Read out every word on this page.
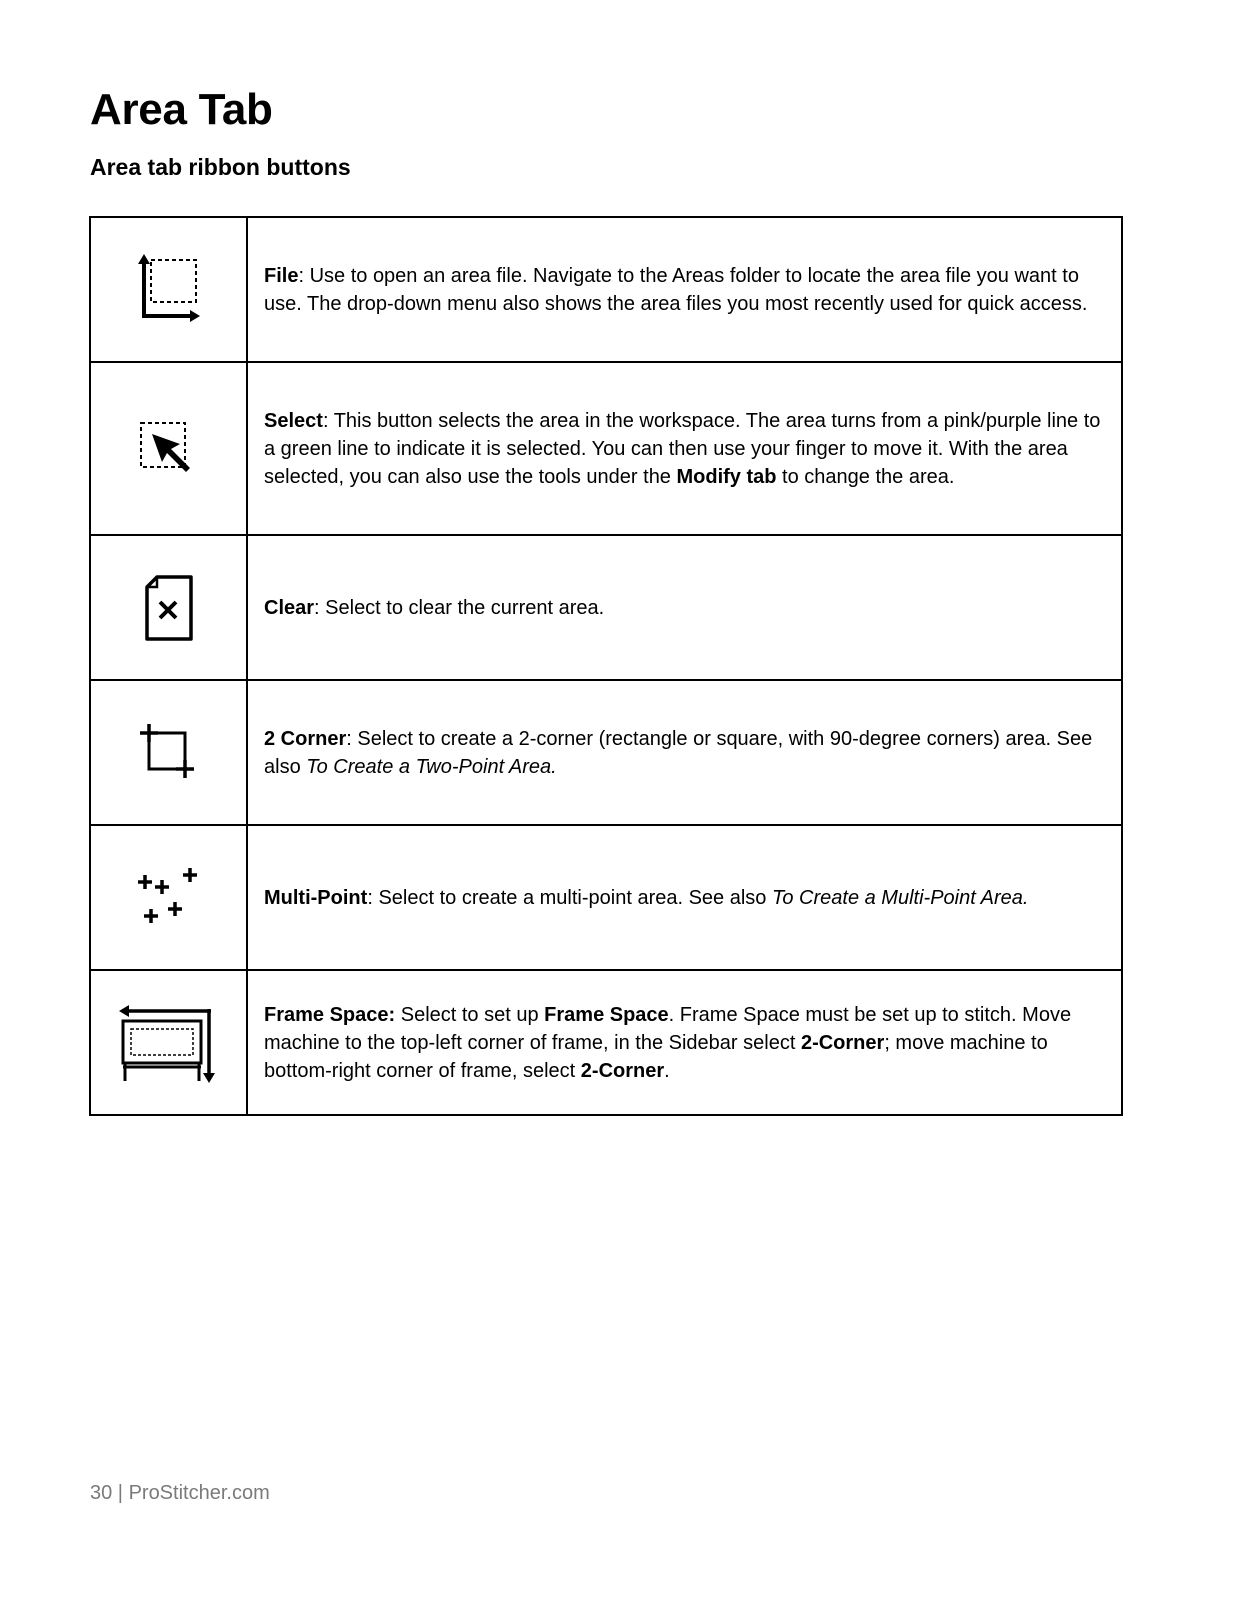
Area Tab
Area tab ribbon buttons
	File: Use to open an area file. Navigate to the Areas folder to locate the area file you want to use. The drop-down menu also shows the area files you most recently used for quick access.

	Select: This button selects the area in the workspace. The area turns from a pink/purple line to a green line to indicate it is selected. You can then use your finger to move it. With the area selected, you can also use the tools under the Modify tab to change the area.

	Clear: Select to clear the current area.

	2 Corner: Select to create a 2-corner (rectangle or square, with 90-degree corners) area. See also To Create a Two-Point Area.

	Multi-Point: Select to create a multi-point area. See also To Create a Multi-Point Area.

	Frame Space: Select to set up Frame Space. Frame Space must be set up to stitch. Move machine to the top-left corner of frame, in the Sidebar select 2-Corner; move machine to bottom-right corner of frame, select 2-Corner.
30 | ProStitcher.com
